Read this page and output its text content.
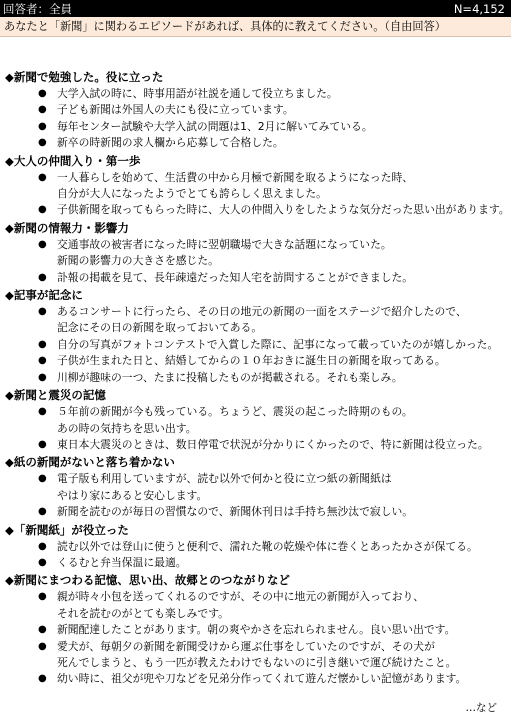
回答者：全員	N=4,152
あなたと「新聞」に関わるエピソードがあれば、具体的に教えてください。（自由回答）
◆新聞で勉強した。役に立った
● 大学入試の時に、時事用語が社説を通して役立ちました。
● 子ども新聞は外国人の夫にも役に立っています。
● 毎年センター試験や大学入試の問題は1、2月に解いてみている。
● 新卒の時新聞の求人欄から応募して合格した。
◆大人の仲間入り・第一歩
● 一人暮らしを始めて、生活費の中から月極で新聞を取るようになった時、
自分が大人になったようでとても誇らしく思えました。
● 子供新聞を取ってもらった時に、大人の仲間入りをしたような気分だった思い出があります。
◆新聞の情報力・影響力
● 交通事故の被害者になった時に翌朝職場で大きな話題になっていた。
新聞の影響力の大きさを感じた。
● 訃報の掲載を見て、長年疎遠だった知人宅を訪問することができました。
◆記事が記念に
● あるコンサートに行ったら、その日の地元の新聞の一面をステージで紹介したので、
記念にその日の新聞を取っておいてある。
● 自分の写真がフォトコンテストで入賞した際に、記事になって載っていたのが嬉しかった。
● 子供が生まれた日と、結婚してからの１０年おきに誕生日の新聞を取ってある。
● 川柳が趣味の一つ、たまに投稿したものが掲載される。それも楽しみ。
◆新聞と震災の記憶
● ５年前の新聞が今も残っている。ちょうど、震災の起こった時期のもの。
あの時の気持ちを思い出す。
● 東日本大震災のときは、数日停電で状況が分かりにくかったので、特に新聞は役立った。
◆紙の新聞がないと落ち着かない
● 電子版も利用していますが、読む以外で何かと役に立つ紙の新聞紙は
やはり家にあると安心します。
● 新聞を読むのが毎日の習慣なので、新聞休刊日は手持ち無沙汰で寂しい。
◆「新聞紙」が役立った
● 読む以外では登山に使うと便利で、濡れた靴の乾燥や体に巻くとあったかさが保てる。
● くるむと弁当保温に最適。
◆新聞にまつわる記憶、思い出、故郷とのつながりなど
● 親が時々小包を送ってくれるのですが、その中に地元の新聞が入っており、
それを読むのがとても楽しみです。
● 新聞配達したことがあります。朝の爽やかさを忘れられません。良い思い出です。
● 愛犬が、毎朝夕の新聞を新聞受けから運ぶ仕事をしていたのですが、その犬が
死んでしまうと、もう一匹が教えたわけでもないのに引き継いで運び続けたこと。
● 幼い時に、祖父が兜や刀などを兄弟分作ってくれて遊んだ懐かしい記憶があります。
…など
